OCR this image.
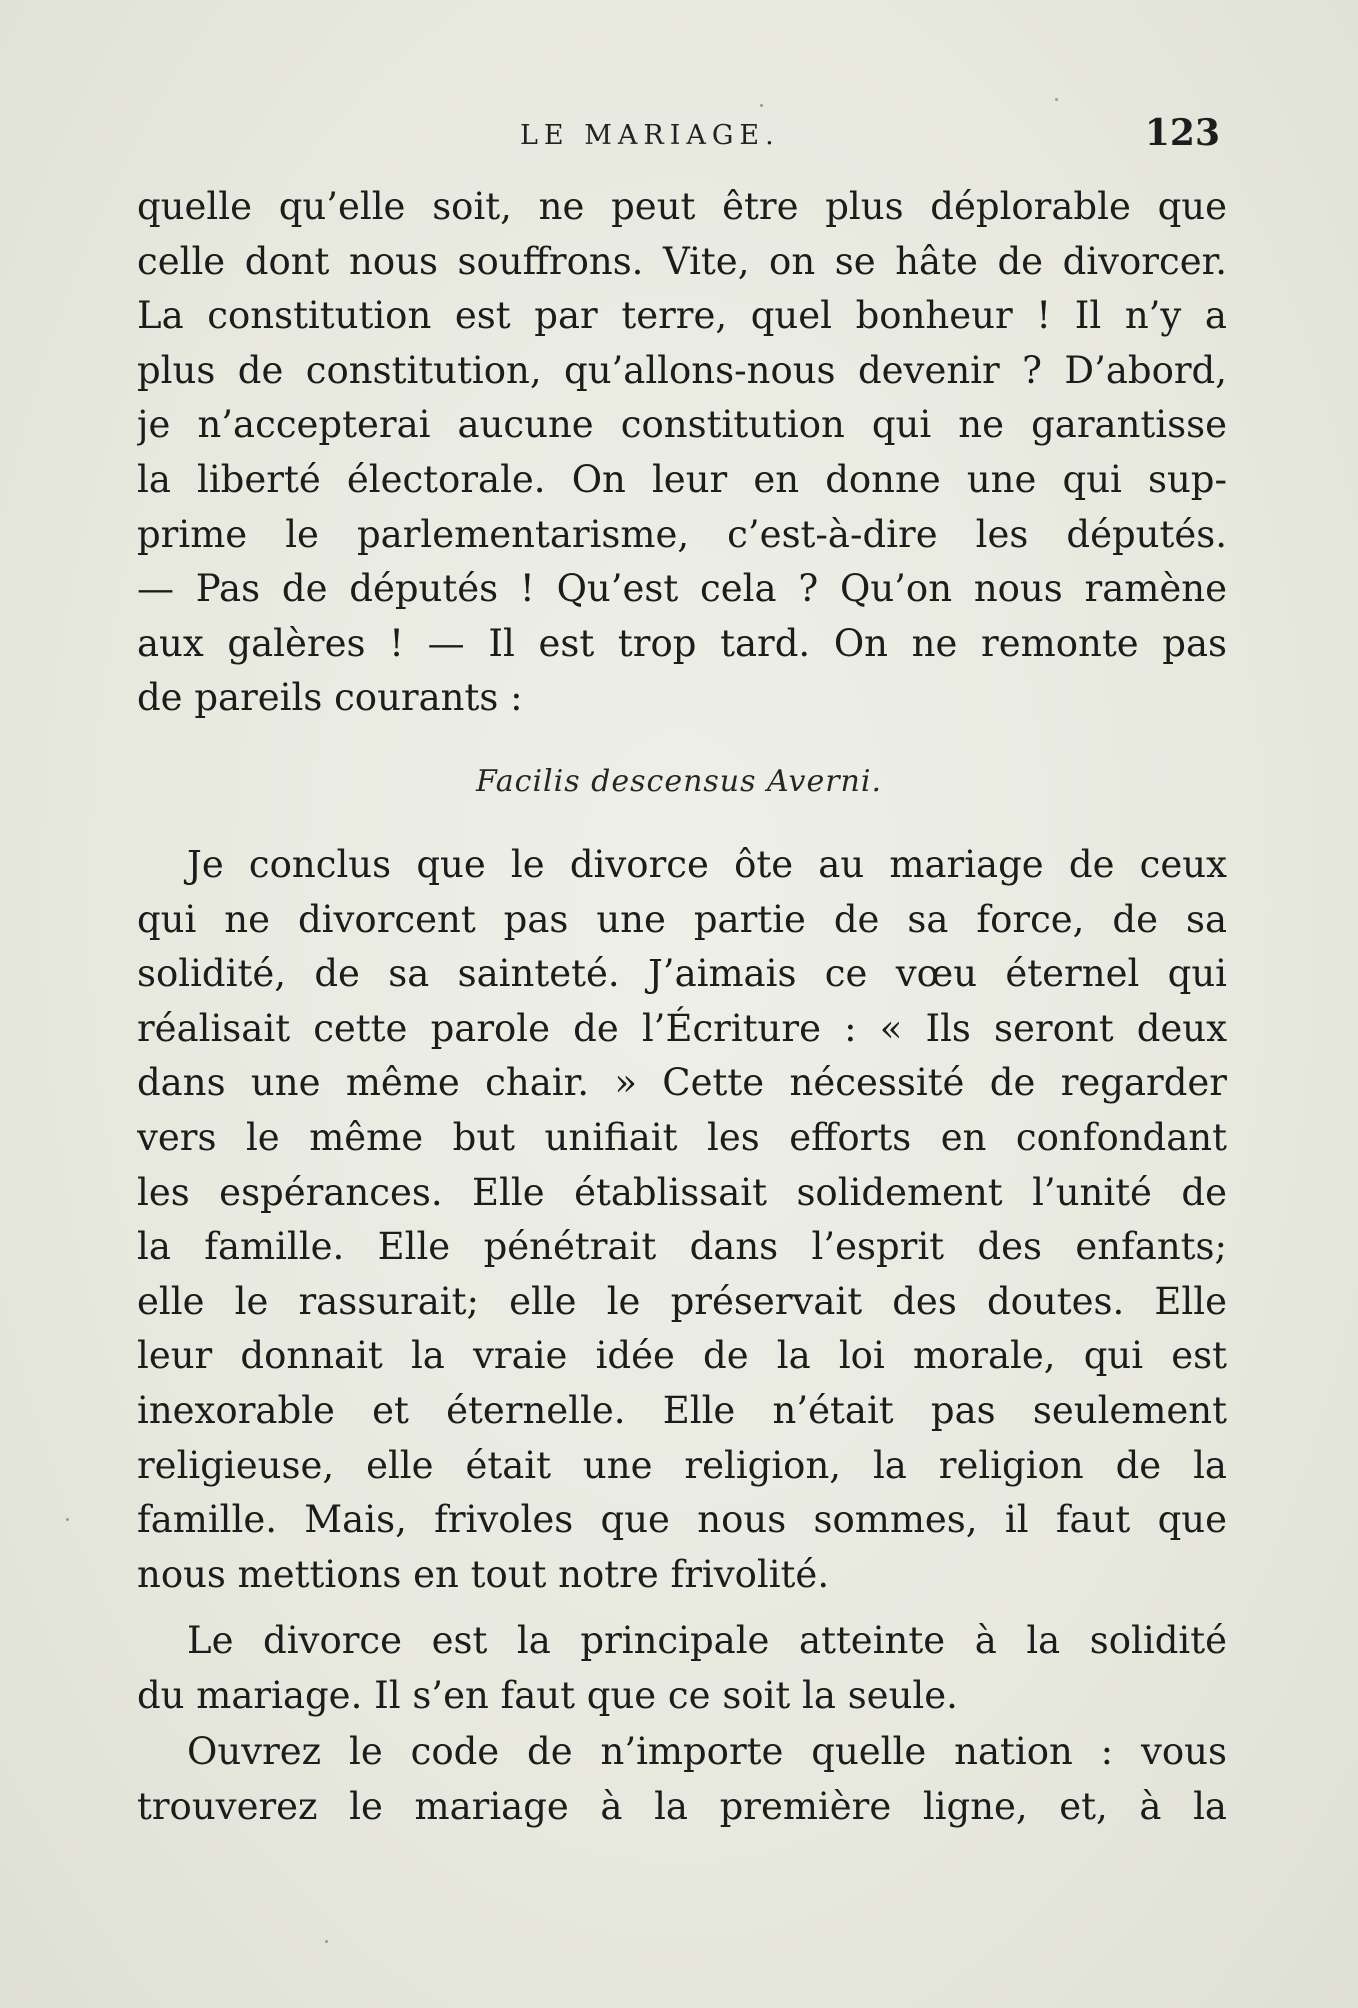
LE MARIAGE.	123
quelle qu’elle soit, ne peut être plus déplorable que
celle dont nous souffrons. Vite, on se hâte de divorcer.
La constitution est par terre, quel bonheur ! Il n’y a
plus de constitution, qu’allons-nous devenir ? D’abord,
je n’accepterai aucune constitution qui ne garantisse
la liberté électorale. On leur en donne une qui sup-
prime le parlementarisme, c’est-à-dire les députés.
— Pas de députés ! Qu’est cela ? Qu’on nous ramène
aux galères ! — Il est trop tard. On ne remonte pas
de pareils courants :
Facilis descensus Averni.
Je conclus que le divorce ôte au mariage de ceux
qui ne divorcent pas une partie de sa force, de sa
solidité, de sa sainteté. J’aimais ce vœu éternel qui
réalisait cette parole de l’Écriture : « Ils seront deux
dans une même chair. » Cette nécessité de regarder
vers le même but unifiait les efforts en confondant
les espérances. Elle établissait solidement l’unité de
la famille. Elle pénétrait dans l’esprit des enfants;
elle le rassurait; elle le préservait des doutes. Elle
leur donnait la vraie idée de la loi morale, qui est
inexorable et éternelle. Elle n’était pas seulement
religieuse, elle était une religion, la religion de la
famille. Mais, frivoles que nous sommes, il faut que
nous mettions en tout notre frivolité.
Le divorce est la principale atteinte à la solidité
du mariage. Il s’en faut que ce soit la seule.
Ouvrez le code de n’importe quelle nation : vous
trouverez le mariage à la première ligne, et, à la
